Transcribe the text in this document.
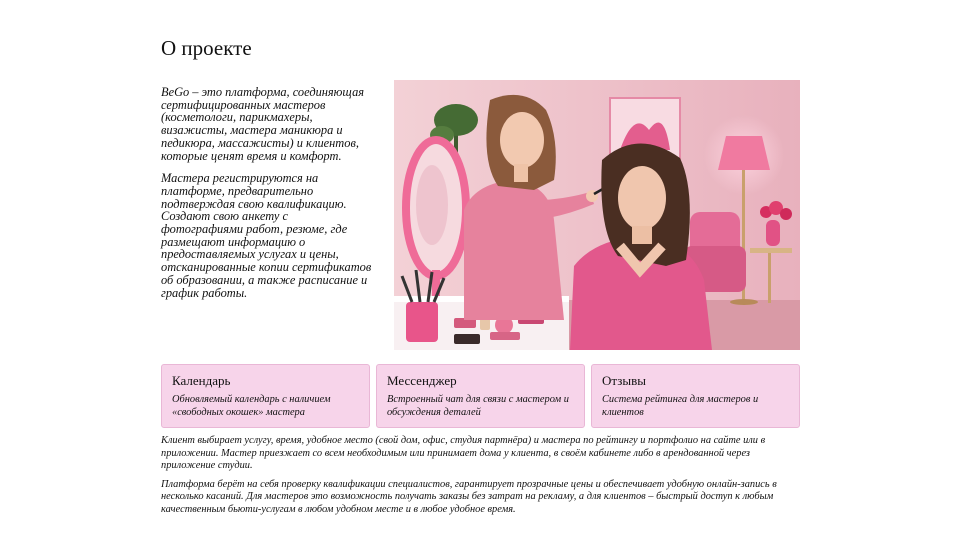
О проекте

BeGo – это платформа, соединяющая сертифицированных мастеров (косметологи, парикмахеры, визажисты, мастера маникюра и педикюра, массажисты) и клиентов, которые ценят время и комфорт.

Мастера регистрируются на платформе, предварительно подтверждая свою квалификацию. Создают свою анкету с фотографиями работ, резюме, где размещают информацию о предоставляемых услугах и цены, отсканированные копии сертификатов об образовании, а также расписание и график работы.

Календарь
Обновляемый календарь с наличием «свободных окошек» мастера
Мессенджер
Встроенный чат для связи с мастером и обсуждения деталей
Отзывы
Система рейтинга для мастеров и клиентов

Клиент выбирает услугу, время, удобное место (свой дом, офис, студия партнёра) и мастера по рейтингу и портфолио на сайте или в приложении. Мастер приезжает со всем необходимым или принимает дома у клиента, в своём кабинете либо в арендованной через приложение студии.

Платформа берёт на себя проверку квалификации специалистов, гарантирует прозрачные цены и обеспечивает удобную онлайн-запись в несколько касаний. Для мастеров это возможность получать заказы без затрат на рекламу, а для клиентов – быстрый доступ к любым качественным бьюти-услугам в любом удобном месте и в любое удобное время.
